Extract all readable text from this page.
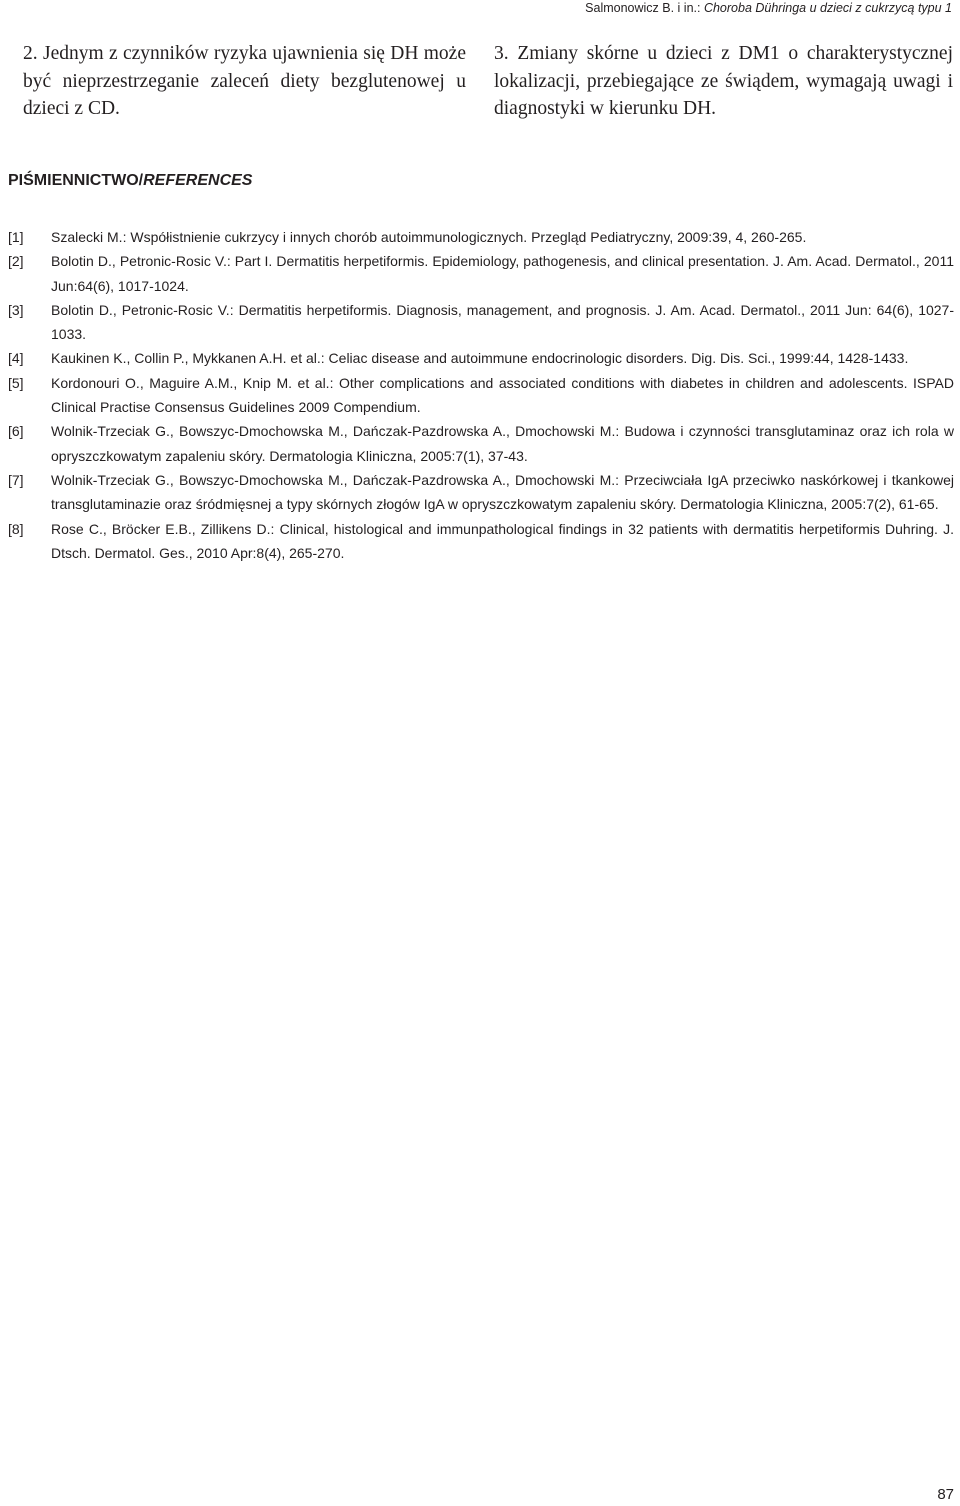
Salmonowicz B. i in.: Choroba Dühringa u dzieci z cukrzycą typu 1
2. Jednym z czynników ryzyka ujawnienia się DH może być nieprzestrzeganie zaleceń diety bezglutenowej u dzieci z CD.
3. Zmiany skórne u dzieci z DM1 o charakterystycznej lokalizacji, przebiegające ze świądem, wymagają uwagi i diagnostyki w kierunku DH.
PIŚMIENNICTWO/REFERENCES
[1]	Szalecki M.: Współistnienie cukrzycy i innych chorób autoimmunologicznych. Przegląd Pediatryczny, 2009:39, 4, 260-265.
[2]	Bolotin D., Petronic-Rosic V.: Part I. Dermatitis herpetiformis. Epidemiology, pathogenesis, and clinical presentation. J. Am. Acad. Dermatol., 2011 Jun:64(6), 1017-1024.
[3]	Bolotin D., Petronic-Rosic V.: Dermatitis herpetiformis. Diagnosis, management, and prognosis. J. Am. Acad. Dermatol., 2011 Jun: 64(6), 1027-1033.
[4]	Kaukinen K., Collin P., Mykkanen A.H. et al.: Celiac disease and autoimmune endocrinologic disorders. Dig. Dis. Sci., 1999:44, 1428-1433.
[5]	Kordonouri O., Maguire A.M., Knip M. et al.: Other complications and associated conditions with diabetes in children and adolescents. ISPAD Clinical Practise Consensus Guidelines 2009 Compendium.
[6]	Wolnik-Trzeciak G., Bowszyc-Dmochowska M., Dańczak-Pazdrowska A., Dmochowski M.: Budowa i czynności transglutaminaz oraz ich rola w opryszczkowatym zapaleniu skóry. Dermatologia Kliniczna, 2005:7(1), 37-43.
[7]	Wolnik-Trzeciak G., Bowszyc-Dmochowska M., Dańczak-Pazdrowska A., Dmochowski M.: Przeciwciała IgA przeciwko naskórkowej i tkankowej transglutaminazie oraz śródmięsnej a typy skórnych złogów IgA w opryszczkowatym zapaleniu skóry. Dermatologia Kliniczna, 2005:7(2), 61-65.
[8]	Rose C., Bröcker E.B., Zillikens D.: Clinical, histological and immunpathological findings in 32 patients with dermatitis herpetiformis Duhring. J. Dtsch. Dermatol. Ges., 2010 Apr:8(4), 265-270.
87
